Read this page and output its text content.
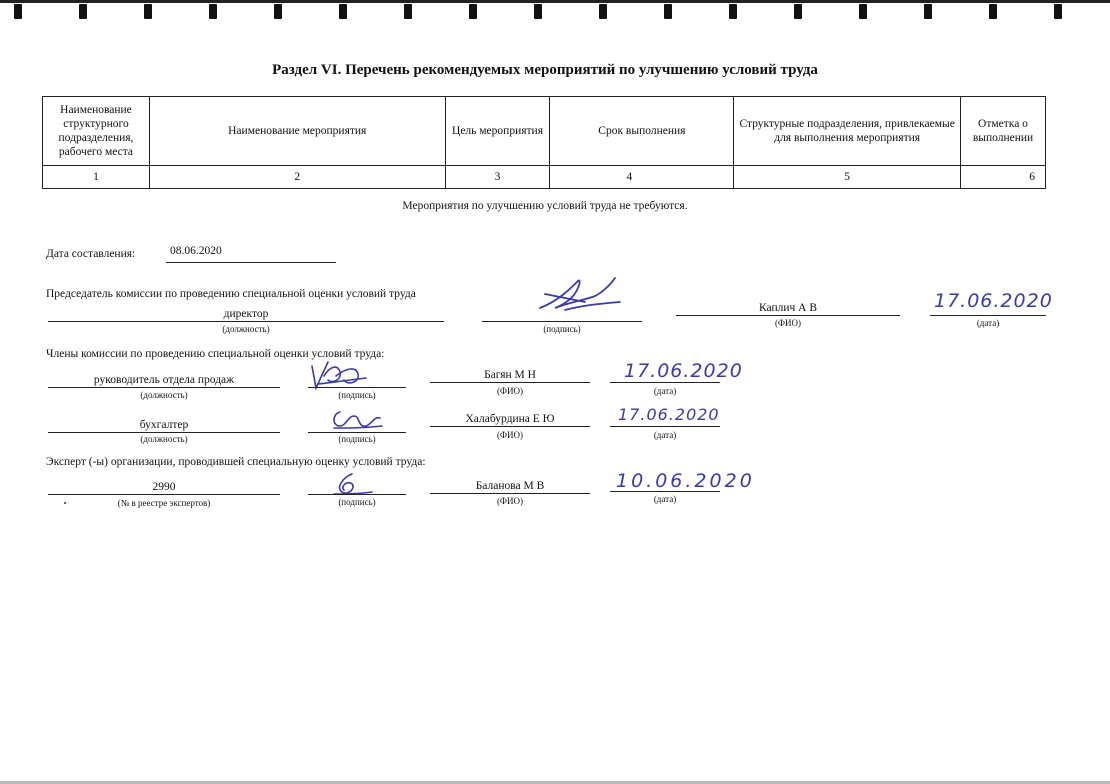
Раздел VI. Перечень рекомендуемых мероприятий по улучшению условий труда
Наименование структурного подразделения, рабочего места	Наименование мероприятия	Цель мероприятия	Срок выполнения	Структурные подразделения, привлекаемые для выполнения мероприятия	Отметка о выполнении
1	2	3	4	5	6
Мероприятия по улучшению условий труда не требуются.
Дата составления:	08.06.2020
Председатель комиссии по проведению специальной оценки условий труда
директор
(должность)	(подпись)
Каплич А В
(ФИО)
17.06.2020
(дата)
Члены комиссии по проведению специальной оценки условий труда:
руководитель отдела продаж
(должность)	(подпись)
Багян М Н
(ФИО)
17.06.2020
(дата)
бухгалтер
(должность)	(подпись)
Халабурдина Е Ю
(ФИО)
17.06.2020
(дата)
Эксперт (-ы) организации, проводившей специальную оценку условий труда:
2990
(№ в реестре экспертов)	(подпись)
Баланова М В
(ФИО)
10.06.2020
(дата)
